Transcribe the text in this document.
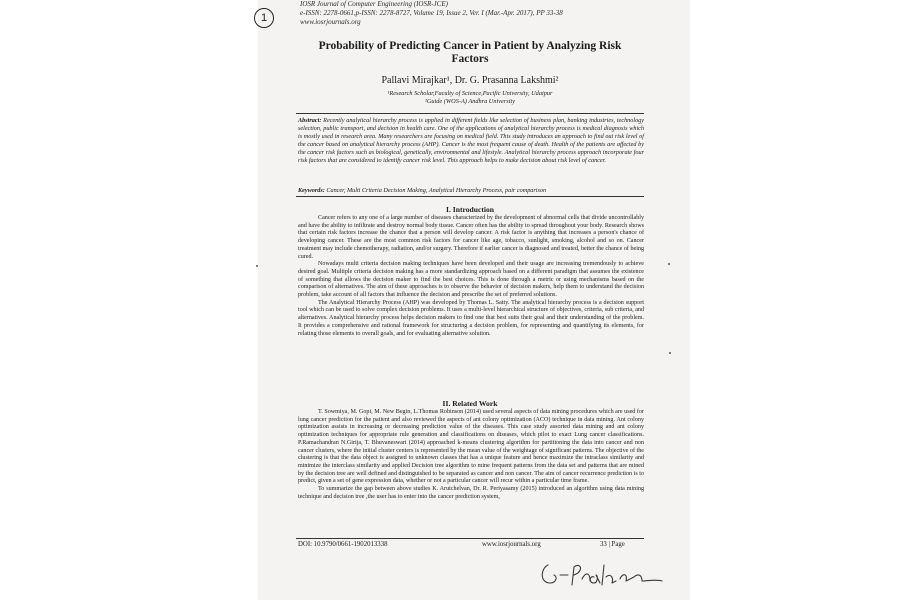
1
IOSR Journal of Computer Engineering (IOSR-JCE)
e-ISSN: 2278-0661,p-ISSN: 2278-8727, Volume 19, Issue 2, Ver. I (Mar.-Apr. 2017), PP 33-38
www.iosrjournals.org
Probability of Predicting Cancer in Patient by Analyzing Risk Factors
Pallavi Mirajkar¹, Dr. G. Prasanna Lakshmi²
¹Research Scholar,Faculty of Science,Pacific University, Udaipur
²Guide (WOS-A) Andhra University
Abstract: Recently analytical hierarchy process is applied in different fields like selection of business plan, banking industries, technology selection, public transport, and decision in health care. One of the applications of analytical hierarchy process is medical diagnosis which is mostly used in research area. Many researchers are focusing on medical field. This study introduces an approach to find out risk level of the cancer based on analytical hierarchy process (AHP). Cancer is the most frequent cause of death. Health of the patients are affected by the cancer risk factors such as biological, genetically, environmental and lifestyle. Analytical hierarchy process approach incorporate four risk factors that are considered to identify cancer risk level. This approach helps to make decision about risk level of cancer.
Keywords: Cancer, Multi Criteria Decision Making, Analytical Hierarchy Process, pair comparison
I. Introduction

Cancer refers to any one of a large number of diseases characterized by the development of abnormal cells that divide uncontrollably and have the ability to infiltrate and destroy normal body tissue. Cancer often has the ability to spread throughout your body. Research shows that certain risk factors increase the chance that a person will develop cancer. A risk factor is anything that increases a person's chance of developing cancer. These are the most common risk factors for cancer like age, tobacco, sunlight, smoking, alcohol and so on. Cancer treatment may include chemotherapy, radiation, and/or surgery. Therefore if earlier cancer is diagnosed and treated, better the chance of being cured.

Nowadays multi criteria decision making techniques have been developed and their usage are increasing tremendously to achieve desired goal. Multiple criteria decision making has a more standardizing approach based on a different paradigm that assumes the existence of something that allows the decision maker to find the best choices. This is done through a metric or using mechanisms based on the comparison of alternatives. The aim of these approaches is to observe the behavior of decision makers, help them to understand the decision problem, take account of all factors that influence the decision and prescribe the set of preferred solutions.

The Analytical Hierarchy Process (AHP) was developed by Thomas L. Satty. The analytical hierarchy process is a decision support tool which can be used to solve complex decision problems. It uses a multi-level hierarchical structure of objectives, criteria, sub criteria, and alternatives. Analytical hierarchy process helps decision makers to find one that best suits their goal and their understanding of the problem. It provides a comprehensive and rational framework for structuring a decision problem, for representing and quantifying its elements, for relating those elements to overall goals, and for evaluating alternative solution.

II. Related Work

T. Sowmiya, M. Gopi, M. New Begin, L.Thomas Robinson (2014) used several aspects of data mining procedures which are used for lung cancer prediction for the patient and also reviewed the aspects of ant colony optimization (ACO) technique in data mining. Ant colony optimization assists in increasing or decreasing prediction value of the diseases. This case study assorted data mining and ant colony optimization techniques for appropriate rule generation and classifications on diseases, which pilot to exact Lung cancer classifications. P.Ramachandran N.Girija, T. Bhuvaneswari (2014) approached k-means clustering algorithm for partitioning the data into cancer and non cancer clusters, where the initial cluster centers is represented by the mean value of the weightage of significant patterns. The objective of the clustering is that the data object is assigned to unknown classes that has a unique feature and hence maximize the intraclass similarity and minimize the interclass similarity and applied Decision tree algorithm to mine frequent patterns from the data set and patterns that are mined by the decision tree are well defined and distinguished to be separated as cancer and non cancer. The aim of cancer recurrence prediction is to predict, given a set of gene expression data, whether or not a particular cancer will recur within a particular time frame.

To summarize the gap between above studies K. Arutchelvan, Dr. R. Periyasamy (2015) introduced an algorithm using data mining technique and decision tree ,the user has to enter into the cancer prediction system,

DOI: 10.9790/0661-1902013338	www.iosrjournals.org	33 | Page
